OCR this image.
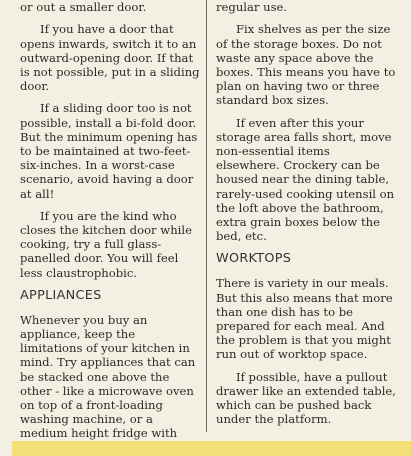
or out a smaller door.

If you have a door that opens inwards, switch it to an outward-opening door. If that is not possible, put in a sliding door.

If a sliding door too is not possible, install a bi-fold door. But the minimum opening has to be maintained at two-feet-six-inches. In a worst-case scenario, avoid having a door at all!

If you are the kind who closes the kitchen door while cooking, try a full glass-panelled door. You will feel less claustrophobic.

APPLIANCES

Whenever you buy an appliance, keep the limitations of your kitchen in mind. Try appliances that can be stacked one above the other - like a microwave oven on top of a front-loading washing machine, or a medium height fridge with

regular use.

Fix shelves as per the size of the storage boxes. Do not waste any space above the boxes. This means you have to plan on having two or three standard box sizes.

If even after this your storage area falls short, move non-essential items elsewhere. Crockery can be housed near the dining table, rarely-used cooking utensil on the loft above the bathroom, extra grain boxes below the bed, etc.

WORKTOPS

There is variety in our meals. But this also means that more than one dish has to be prepared for each meal. And the problem is that you might run out of worktop space.

If possible, have a pullout drawer like an extended table, which can be pushed back under the platform.
